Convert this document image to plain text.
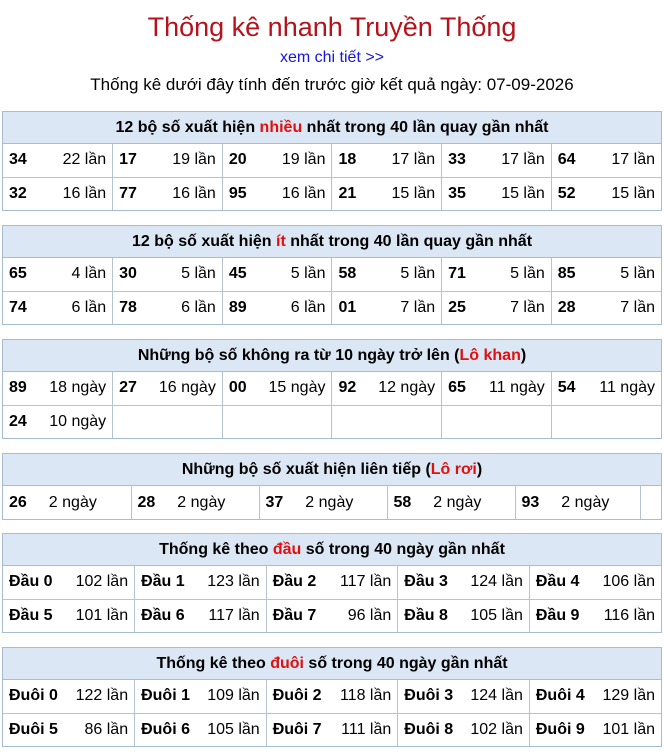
Thống kê nhanh Truyền Thống
xem chi tiết >>
Thống kê dưới đây tính đến trước giờ kết quả ngày: 07-09-2026
12 bộ số xuất hiện nhiều nhất trong 40 lần quay gần nhất
34 22 lần	17 19 lần	20 19 lần	18 17 lần	33 17 lần	64 17 lần

32 16 lần	77 16 lần	95 16 lần	21 15 lần	35 15 lần	52 15 lần
12 bộ số xuất hiện ít nhất trong 40 lần quay gần nhất
65 4 lần	30 5 lần	45 5 lần	58 5 lần	71 5 lần	85 5 lần

74 6 lần	78 6 lần	89 6 lần	01 7 lần	25 7 lần	28 7 lần
Những bộ số không ra từ 10 ngày trở lên (Lô khan)
89 18 ngày	27 16 ngày	00 15 ngày	92 12 ngày	65 11 ngày	54 11 ngày

24 10 ngày					

Những bộ số xuất hiện liên tiếp (Lô rơi)
26 2 ngày	28 2 ngày	37 2 ngày	58 2 ngày	93 2 ngày

Thống kê theo đầu số trong 40 ngày gần nhất
Đầu 0 102 lần	Đầu 1 123 lần	Đầu 2 117 lần	Đầu 3 124 lần	Đầu 4 106 lần

Đầu 5 101 lần	Đầu 6 117 lần	Đầu 7 96 lần	Đầu 8 105 lần	Đầu 9 116 lần
Thống kê theo đuôi số trong 40 ngày gần nhất
Đuôi 0 122 lần	Đuôi 1 109 lần	Đuôi 2 118 lần	Đuôi 3 124 lần	Đuôi 4 129 lần

Đuôi 5 86 lần	Đuôi 6 105 lần	Đuôi 7 111 lần	Đuôi 8 102 lần	Đuôi 9 101 lần
